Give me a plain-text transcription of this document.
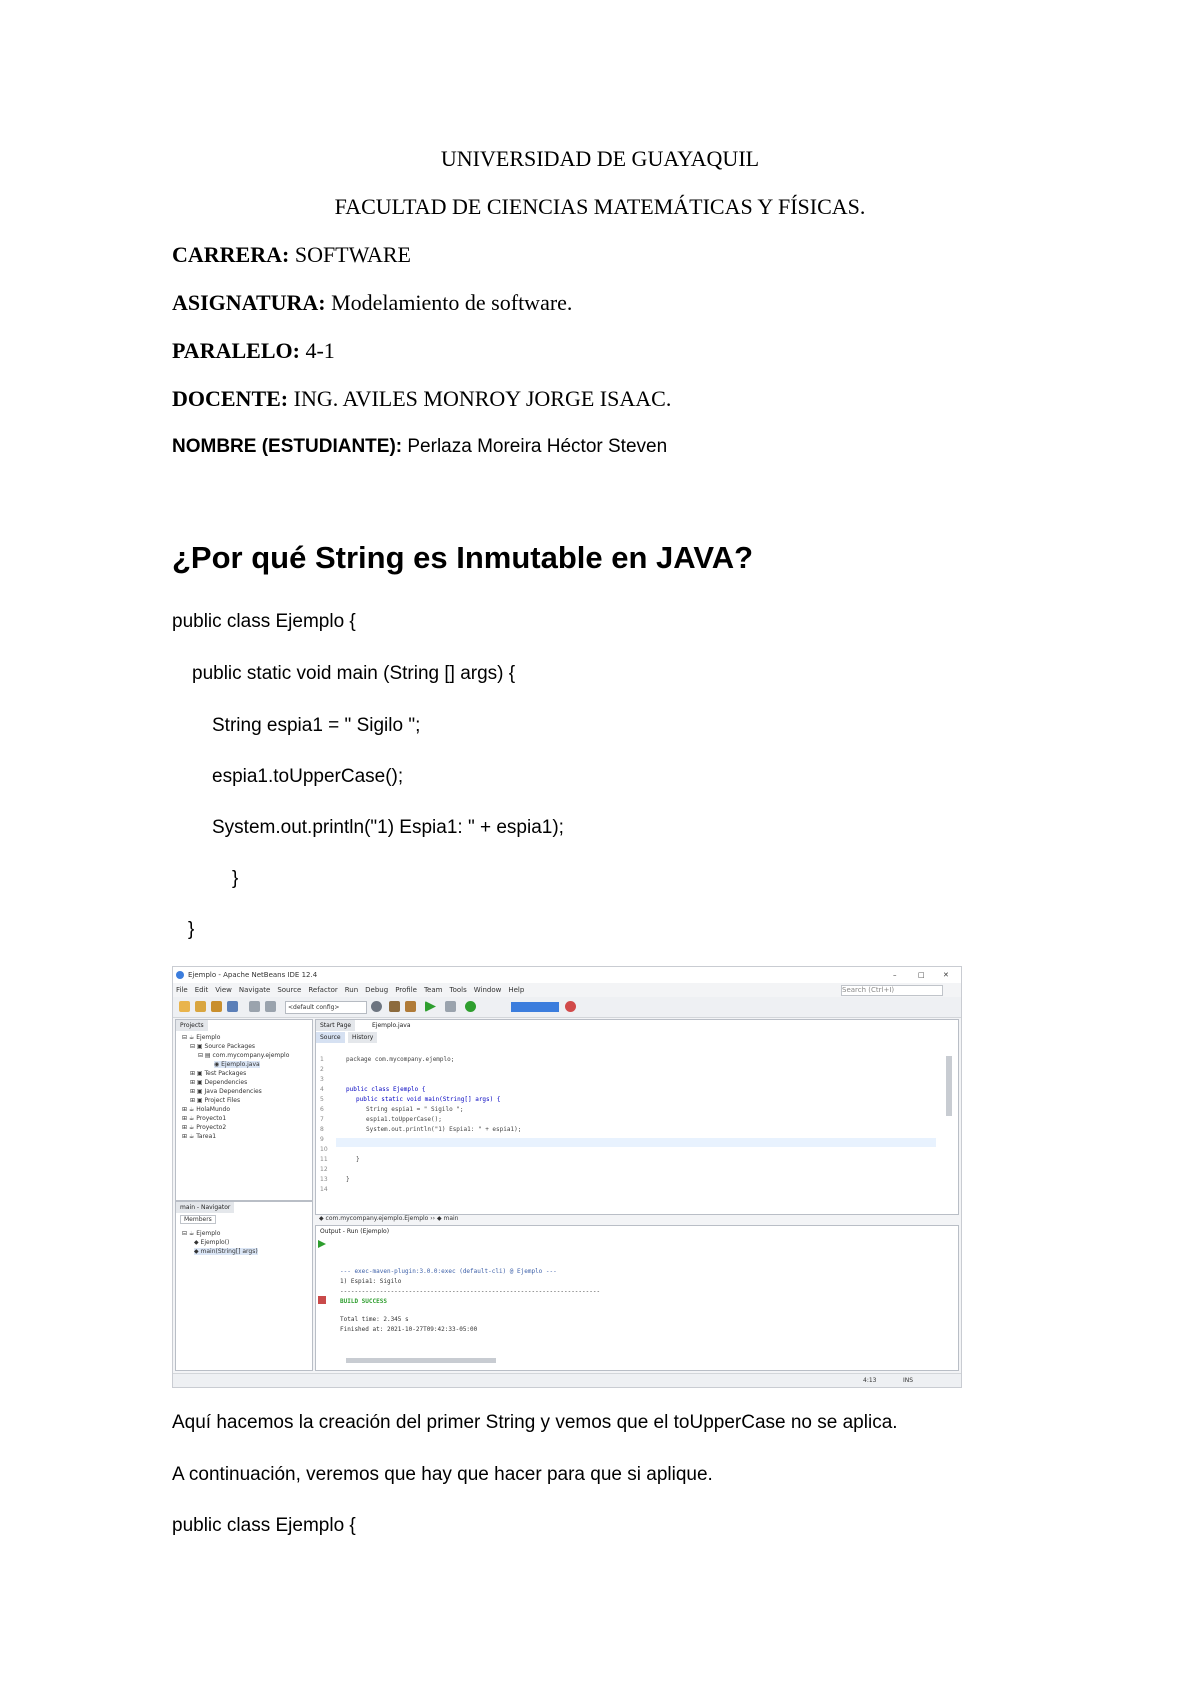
UNIVERSIDAD DE GUAYAQUIL
FACULTAD DE CIENCIAS MATEMÁTICAS Y FÍSICAS.
CARRERA: SOFTWARE
ASIGNATURA: Modelamiento de software.
PARALELO: 4-1
DOCENTE: ING. AVILES MONROY JORGE ISAAC.
NOMBRE (ESTUDIANTE): Perlaza Moreira Héctor Steven
¿Por qué String es Inmutable en JAVA?
public class Ejemplo {
public static void main (String [] args) {
String espia1 = " Sigilo ";
espia1.toUpperCase();
System.out.println("1) Espia1: " + espia1);
}
}
Ejemplo - Apache NetBeans IDE 12.4	–	□	✕
File Edit View Navigate Source Refactor Run Debug Profile Team Tools Window Help	Search (Ctrl+I)
<default config>
Projects
⊟ ☕ Ejemplo
⊟ ▣ Source Packages
⊟ ▤ com.mycompany.ejemplo
◉ Ejemplo.java
⊞ ▣ Test Packages
⊞ ▣ Dependencies
⊞ ▣ Java Dependencies
⊞ ▣ Project Files
⊞ ☕ HolaMundo
⊞ ☕ Proyecto1
⊞ ☕ Proyecto2
⊞ ☕ Tarea1
main - Navigator
Members
⊟ ☕ Ejemplo
◆ Ejemplo()
◆ main(String[] args)
Start Page	Ejemplo.java
Source	History
1
2
3
4
5
6
7
8
9
10
11
12
13
14
package com.mycompany.ejemplo;
public class Ejemplo {
public static void main(String[] args) {
String espia1 = " Sigilo ";
espia1.toUpperCase();
System.out.println("1) Espia1: " + espia1);
}
}
◆ com.mycompany.ejemplo.Ejemplo ›› ◆ main
Output - Run (Ejemplo)
--- exec-maven-plugin:3.0.0:exec (default-cli) @ Ejemplo ---
1) Espia1: Sigilo
------------------------------------------------------------------------
BUILD SUCCESS
Total time: 2.345 s
Finished at: 2021-10-27T09:42:33-05:00
4:13	INS
Aquí hacemos la creación del primer String y vemos que el toUpperCase no se aplica.
A continuación, veremos que hay que hacer para que si aplique.
public class Ejemplo {
